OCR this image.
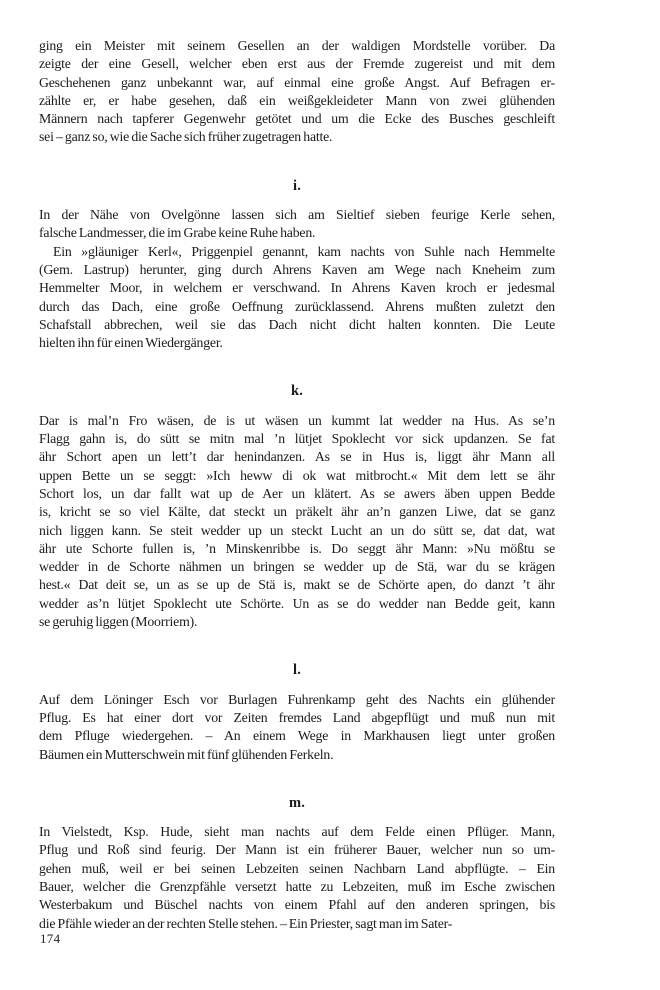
ging ein Meister mit seinem Gesellen an der waldigen Mordstelle vorüber. Da
zeigte der eine Gesell, welcher eben erst aus der Fremde zugereist und mit dem
Geschehenen ganz unbekannt war, auf einmal eine große Angst. Auf Befragen er-
zählte er, er habe gesehen, daß ein weißgekleideter Mann von zwei glühenden
Männern nach tapferer Gegenwehr getötet und um die Ecke des Busches geschleift
sei – ganz so, wie die Sache sich früher zugetragen hatte.
i.
In der Nähe von Ovelgönne lassen sich am Sieltief sieben feurige Kerle sehen,
falsche Landmesser, die im Grabe keine Ruhe haben.
Ein »gläuniger Kerl«, Priggenpiel genannt, kam nachts von Suhle nach Hemmelte
(Gem. Lastrup) herunter, ging durch Ahrens Kaven am Wege nach Kneheim zum
Hemmelter Moor, in welchem er verschwand. In Ahrens Kaven kroch er jedesmal
durch das Dach, eine große Oeffnung zurücklassend. Ahrens mußten zuletzt den
Schafstall abbrechen, weil sie das Dach nicht dicht halten konnten. Die Leute
hielten ihn für einen Wiedergänger.
k.
Dar is mal’n Fro wäsen, de is ut wäsen un kummt lat wedder na Hus. As se’n
Flagg gahn is, do sütt se mitn mal ’n lütjet Spoklecht vor sick updanzen. Se fat
ähr Schort apen un lett’t dar henindanzen. As se in Hus is, liggt ähr Mann all
uppen Bette un se seggt: »Ich heww di ok wat mitbrocht.« Mit dem lett se ähr
Schort los, un dar fallt wat up de Aer un klätert. As se awers äben uppen Bedde
is, kricht se so viel Kälte, dat steckt un präkelt ähr an’n ganzen Liwe, dat se ganz
nich liggen kann. Se steit wedder up un steckt Lucht an un do sütt se, dat dat, wat
ähr ute Schorte fullen is, ’n Minskenribbe is. Do seggt ähr Mann: »Nu mößtu se
wedder in de Schorte nähmen un bringen se wedder up de Stä, war du se krägen
hest.« Dat deit se, un as se up de Stä is, makt se de Schörte apen, do danzt ’t ähr
wedder as’n lütjet Spoklecht ute Schörte. Un as se do wedder nan Bedde geit, kann
se geruhig liggen (Moorriem).
l.
Auf dem Löninger Esch vor Burlagen Fuhrenkamp geht des Nachts ein glühender
Pflug. Es hat einer dort vor Zeiten fremdes Land abgepflügt und muß nun mit
dem Pfluge wiedergehen. – An einem Wege in Markhausen liegt unter großen
Bäumen ein Mutterschwein mit fünf glühenden Ferkeln.
m.
In Vielstedt, Ksp. Hude, sieht man nachts auf dem Felde einen Pflüger. Mann,
Pflug und Roß sind feurig. Der Mann ist ein früherer Bauer, welcher nun so um-
gehen muß, weil er bei seinen Lebzeiten seinen Nachbarn Land abpflügte. – Ein
Bauer, welcher die Grenzpfähle versetzt hatte zu Lebzeiten, muß im Esche zwischen
Westerbakum und Büschel nachts von einem Pfahl auf den anderen springen, bis
die Pfähle wieder an der rechten Stelle stehen. – Ein Priester, sagt man im Sater-
174
